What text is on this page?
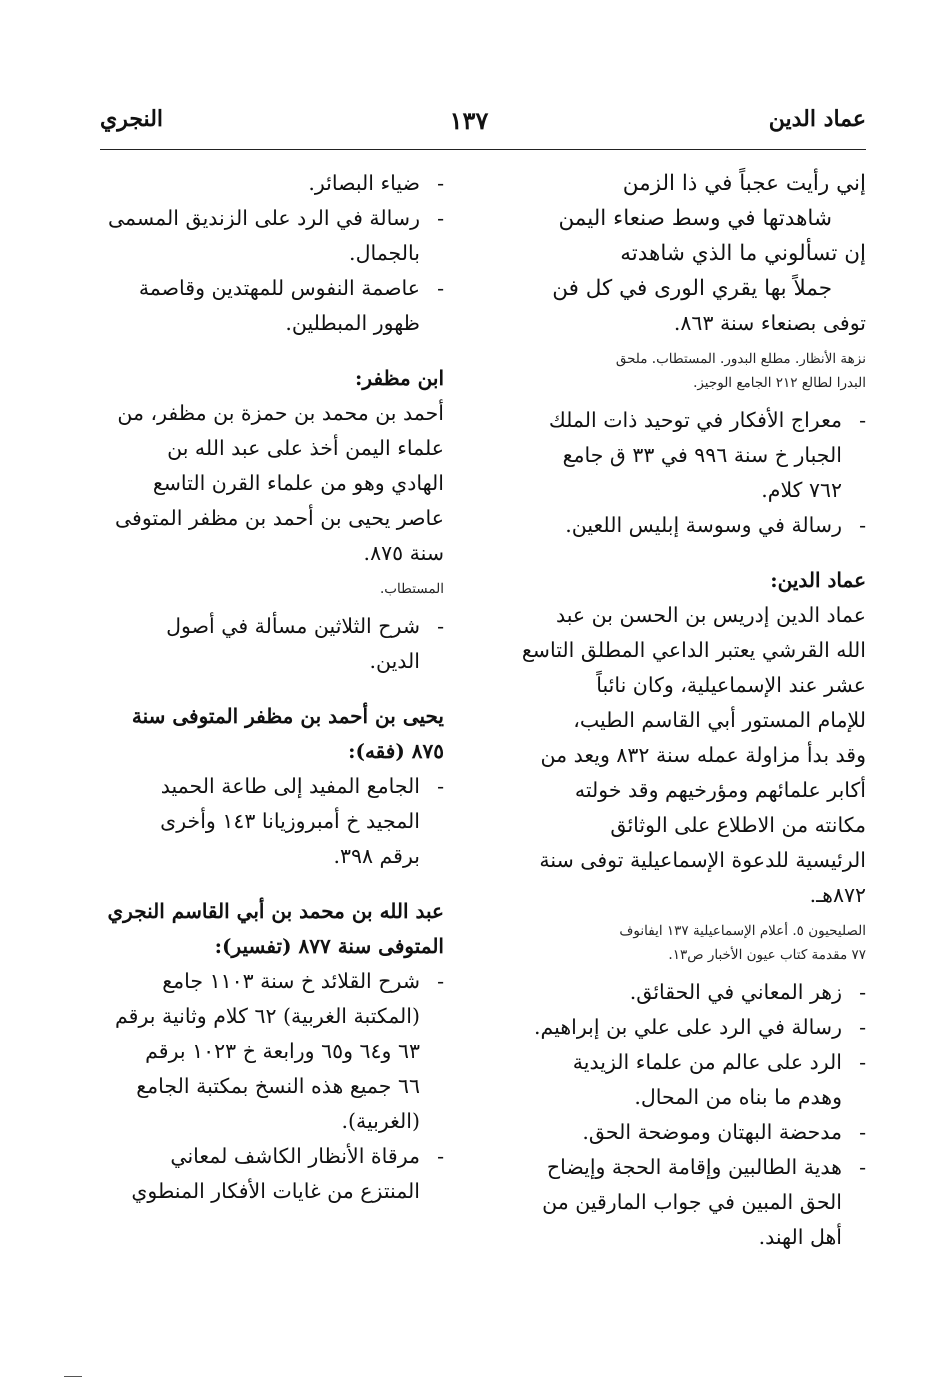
عماد الدين
١٣٧
النجري
إني رأيت عجباً في ذا الزمن
شاهدتها في وسط صنعاء اليمن
إن تسألوني ما الذي شاهدته
جملاً بها يقري الورى في كل فن
توفى بصنعاء سنة ٨٦٣.
نزهة الأنظار. مطلع البدور. المستطاب. ملحق
البدرا لطالع ٢١٢ الجامع الوجيز.
-
معراج الأفكار في توحيد ذات الملك
الجبار خ سنة ٩٩٦ في ٣٣ ق جامع
٧٦٢ كلام.
-
رسالة في وسوسة إبليس اللعين.
عماد الدين:
عماد الدين إدريس بن الحسن بن عبد
الله القرشي يعتبر الداعي المطلق التاسع
عشر عند الإسماعيلية، وكان نائباً
للإمام المستور أبي القاسم الطيب،
وقد بدأ مزاولة عمله سنة ٨٣٢ ويعد من
أكابر علمائهم ومؤرخيهم وقد خولته
مكانته من الاطلاع على الوثائق
الرئيسية للدعوة الإسماعيلية توفى سنة
٨٧٢هـ.
الصليحيون ٥. أعلام الإسماعيلية ١٣٧ ايفانوف
٧٧ مقدمة كتاب عيون الأخبار ص١٣.
-
زهر المعاني في الحقائق.
-
رسالة في الرد على علي بن إبراهيم.
-
الرد على عالم من علماء الزيدية
وهدم ما بناه من المحال.
-
مدحضة البهتان وموضحة الحق.
-
هدية الطالبين وإقامة الحجة وإيضاح
الحق المبين في جواب المارقين من
أهل الهند.
-
ضياء البصائر.
-
رسالة في الرد على الزنديق المسمى
بالجمال.
-
عاصمة النفوس للمهتدين وقاصمة
ظهور المبطلين.
ابن مظفر:
أحمد بن محمد بن حمزة بن مظفر، من
علماء اليمن أخذ على عبد الله بن
الهادي وهو من علماء القرن التاسع
عاصر يحيى بن أحمد بن مظفر المتوفى
سنة ٨٧٥.
المستطاب.
-
شرح الثلاثين مسألة في أصول
الدين.
يحيى بن أحمد بن مظفر المتوفى سنة
٨٧٥ (فقه):
-
الجامع المفيد إلى طاعة الحميد
المجيد خ أمبروزيانا ١٤٣ وأخرى
برقم ٣٩٨.
عبد الله بن محمد بن أبي القاسم النجري
المتوفى سنة ٨٧٧ (تفسير):
-
شرح القلائد خ سنة ١١٠٣ جامع
(المكتبة الغربية) ٦٢ كلام وثانية برقم
٦٣ و٦٤ و٦٥ ورابعة خ ١٠٢٣ برقم
٦٦ جميع هذه النسخ بمكتبة الجامع
(الغربية).
-
مرقاة الأنظار الكاشف لمعاني
المنتزع من غايات الأفكار المنطوي
